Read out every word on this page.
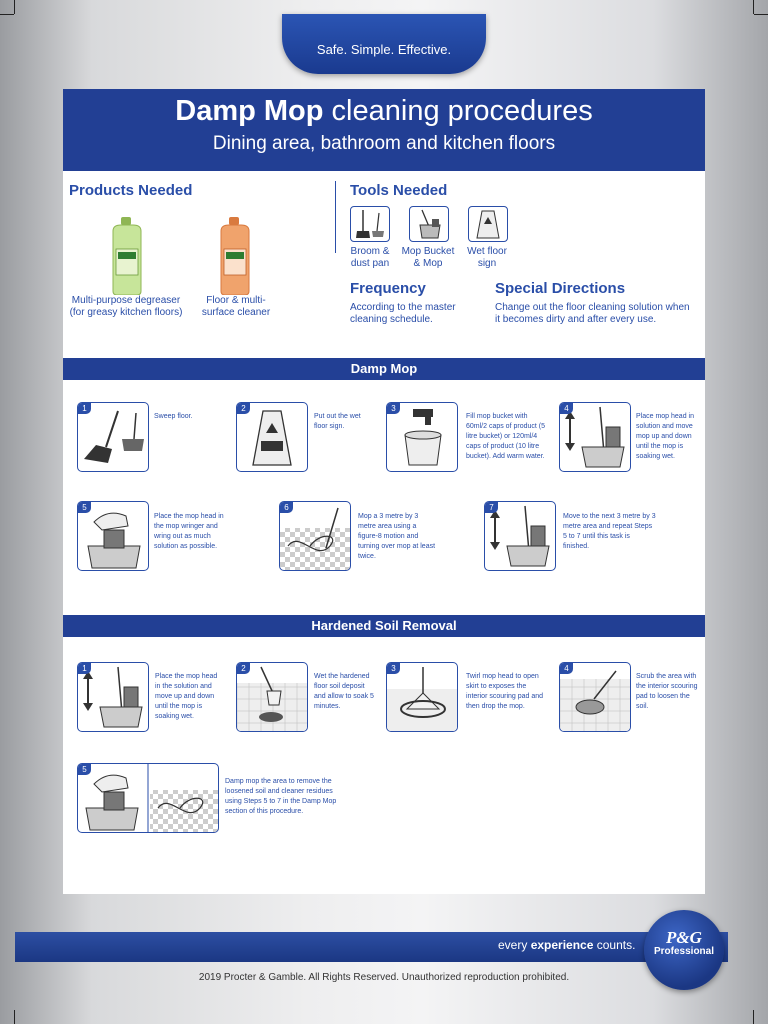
Safe. Simple. Effective.
Damp Mop cleaning procedures
Dining area, bathroom and kitchen floors
Products Needed
Multi-purpose degreaser (for greasy kitchen floors)
Floor & multi-surface cleaner
Tools Needed
Broom & dust pan
Mop Bucket & Mop
Wet floor sign
Frequency
According to the master cleaning schedule.
Special Directions
Change out the floor cleaning solution when it becomes dirty and after every use.
Damp Mop
1
Sweep floor.
2
Put out the wet floor sign.
3
Fill mop bucket with 60ml/2 caps of product (5 litre bucket) or 120ml/4 caps of product (10 litre bucket). Add warm water.
4
Place mop head in solution and move mop up and down until the mop is soaking wet.
5
Place the mop head in the mop wringer and wring out as much solution as possible.
6
Mop a 3 metre by 3 metre area using a figure-8 motion and turning over mop at least twice.
7
Move to the next 3 metre by 3 metre area and repeat Steps 5 to 7 until this task is finished.
Hardened Soil Removal
1
Place the mop head in the solution and move up and down until the mop is soaking wet.
2
Wet the hardened floor soil deposit and allow to soak 5 minutes.
3
Twirl mop head to open skirt to exposes the interior scouring pad and then drop the mop.
4
Scrub the area with the interior scouring pad to loosen the soil.
5
Damp mop the area to remove the loosened soil and cleaner residues using Steps 5 to 7 in the Damp Mop section of this procedure.
every experience counts.	P&G
Professional
2019 Procter & Gamble. All Rights Reserved. Unauthorized reproduction prohibited.
